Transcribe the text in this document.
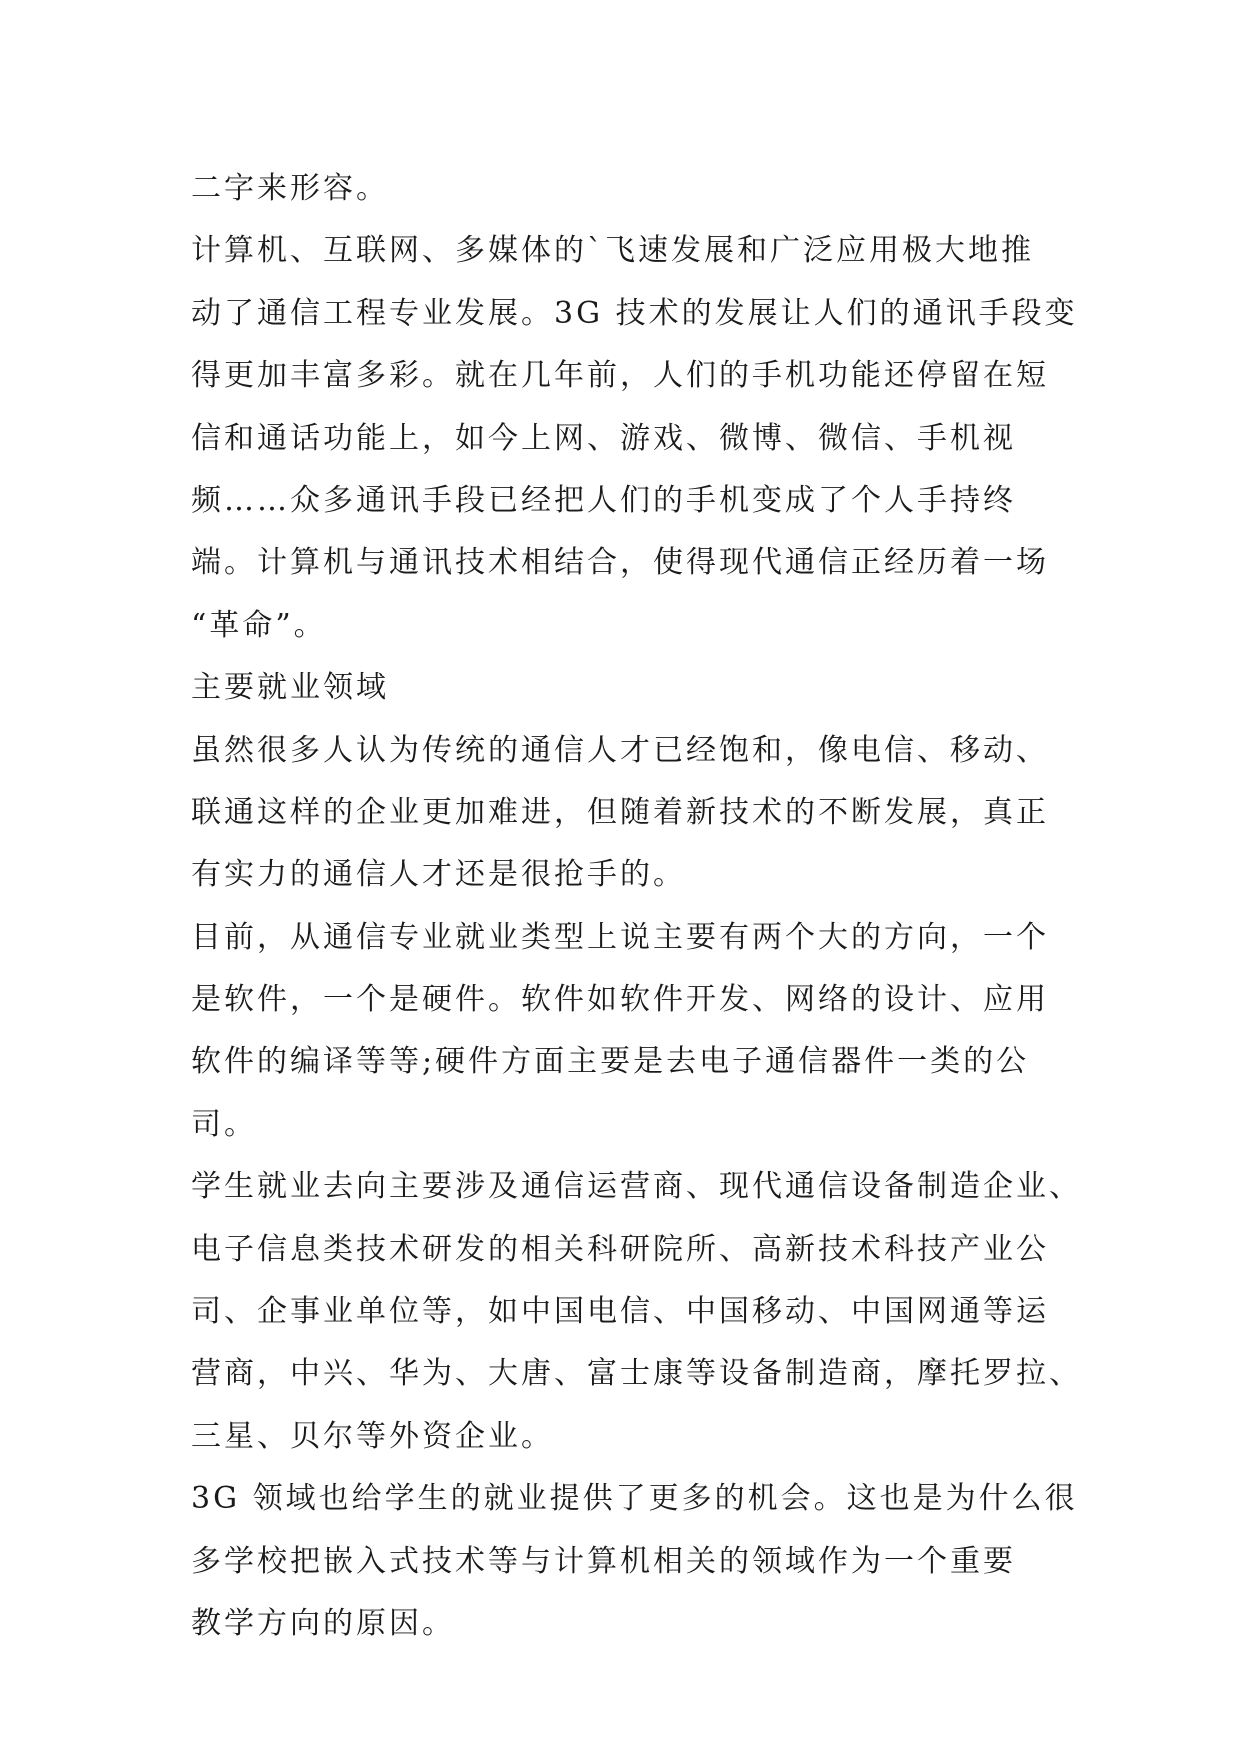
二字来形容。
计算机、互联网、多媒体的`飞速发展和广泛应用极大地推
动了通信工程专业发展。3G 技术的发展让人们的通讯手段变
得更加丰富多彩。就在几年前，人们的手机功能还停留在短
信和通话功能上，如今上网、游戏、微博、微信、手机视
频……众多通讯手段已经把人们的手机变成了个人手持终
端。计算机与通讯技术相结合，使得现代通信正经历着一场
“革命”。
主要就业领域
虽然很多人认为传统的通信人才已经饱和，像电信、移动、
联通这样的企业更加难进，但随着新技术的不断发展，真正
有实力的通信人才还是很抢手的。
目前，从通信专业就业类型上说主要有两个大的方向，一个
是软件，一个是硬件。软件如软件开发、网络的设计、应用
软件的编译等等;硬件方面主要是去电子通信器件一类的公
司。
学生就业去向主要涉及通信运营商、现代通信设备制造企业、
电子信息类技术研发的相关科研院所、高新技术科技产业公
司、企事业单位等，如中国电信、中国移动、中国网通等运
营商，中兴、华为、大唐、富士康等设备制造商，摩托罗拉、
三星、贝尔等外资企业。
3G 领域也给学生的就业提供了更多的机会。这也是为什么很
多学校把嵌入式技术等与计算机相关的领域作为一个重要
教学方向的原因。
